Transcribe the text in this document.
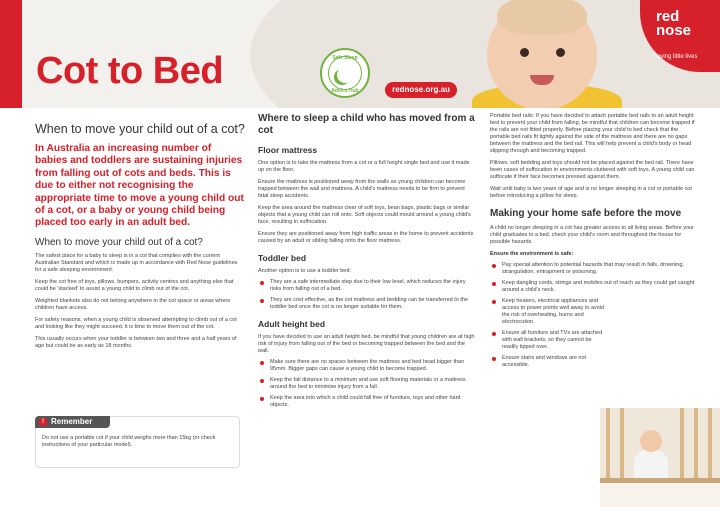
Cot to Bed	Safe Sleep
Advice Hub	rednose.org.au
red
nose
saving little lives
When to move your child out of a cot?
In Australia an increasing number of babies and toddlers are sustaining injuries from falling out of cots and beds. This is due to either not recognising the appropriate time to move a young child out of a cot, or a baby or young child being placed too early in an adult bed.
When to move your child out of a cot?

The safest place for a baby to sleep is in a cot that complies with the current Australian Standard and which is made up in accordance with Red Nose guidelines for a safe sleeping environment.

Keep the cot free of toys, pillows, bumpers, activity centres and anything else that could be 'stacked' to assist a young child to climb out of the cot.

Weighted blankets also do not belong anywhere in the cot space or areas where children have access.

For safety reasons, when a young child is observed attempting to climb out of a cot and looking like they might succeed, it is time to move them out of the cot.

This usually occurs when your toddler is between two and three and a half years of age but could be as early as 18 months.

! Remember
Do not use a portable cot if your child weighs more than 15kg (or check instructions of your particular model).
Where to sleep a child who has moved from a cot
Floor mattress

One option is to take the mattress from a cot or a full height single bed and use it made up on the floor.

Ensure the mattress is positioned away from the walls as young children can become trapped between the wall and mattress. A child's mattress needs to be firm to prevent fatal sleep accidents.

Keep the area around the mattress clear of soft toys, bean bags, plastic bags or similar objects that a young child can roll onto. Soft objects could mould around a young child's face, resulting in suffocation.

Ensure they are positioned away from high traffic areas in the home to prevent accidents caused by an adult or sibling falling onto the floor mattress.

Toddler bed

Another option is to use a toddler bed:

They are a safe intermediate step due to their low level, which reduces the injury risks from falling out of a bed.
They are cost effective, as the cot mattress and bedding can be transferred to the toddler bed once the cot is no longer suitable for them.
Adult height bed

If you have decided to use an adult height bed, be mindful that young children are at high risk of injury from falling out of the bed or becoming trapped between the bed and the wall.

Make sure there are no spaces between the mattress and bed head bigger than 95mm. Bigger gaps can cause a young child to become trapped.
Keep the fall distance to a minimum and use soft flooring materials or a mattress around the bed to minimise injury from a fall.
Keep the area into which a child could fall free of furniture, toys and other hard objects.

Portable bed rails: If you have decided to attach portable bed rails to an adult height bed to prevent your child from falling, be mindful that children can become trapped if the rails are not fitted properly. Before placing your child to bed check that the portable bed rails fit tightly against the side of the mattress and there are no gaps between the mattress and the bed rail. This will help prevent a child's body or head slipping through and becoming trapped.

Pillows, soft bedding and toys should not be placed against the bed rail. There have been cases of suffocation in environments cluttered with soft toys. A young child can suffocate if their face becomes pressed against them.

Wait until baby is two years of age and is no longer sleeping in a cot or portable cot before introducing a pillow for sleep.

Making your home safe before the move

A child no longer sleeping in a cot has greater access to all living areas. Before your child graduates to a bed, check your child's room and throughout the house for possible hazards.

Ensure the environment is safe:

Pay special attention to potential hazards that may result in falls, drowning, strangulation, entrapment or poisoning.
Keep dangling cords, strings and mobiles out of reach as they could get caught around a child's neck.
Keep heaters, electrical appliances and access to power points well away to avoid the risk of overheating, burns and electrocution.
Ensure all furniture and TVs are attached with wall brackets, so they cannot be readily tipped over.
Ensure stairs and windows are not accessible.
